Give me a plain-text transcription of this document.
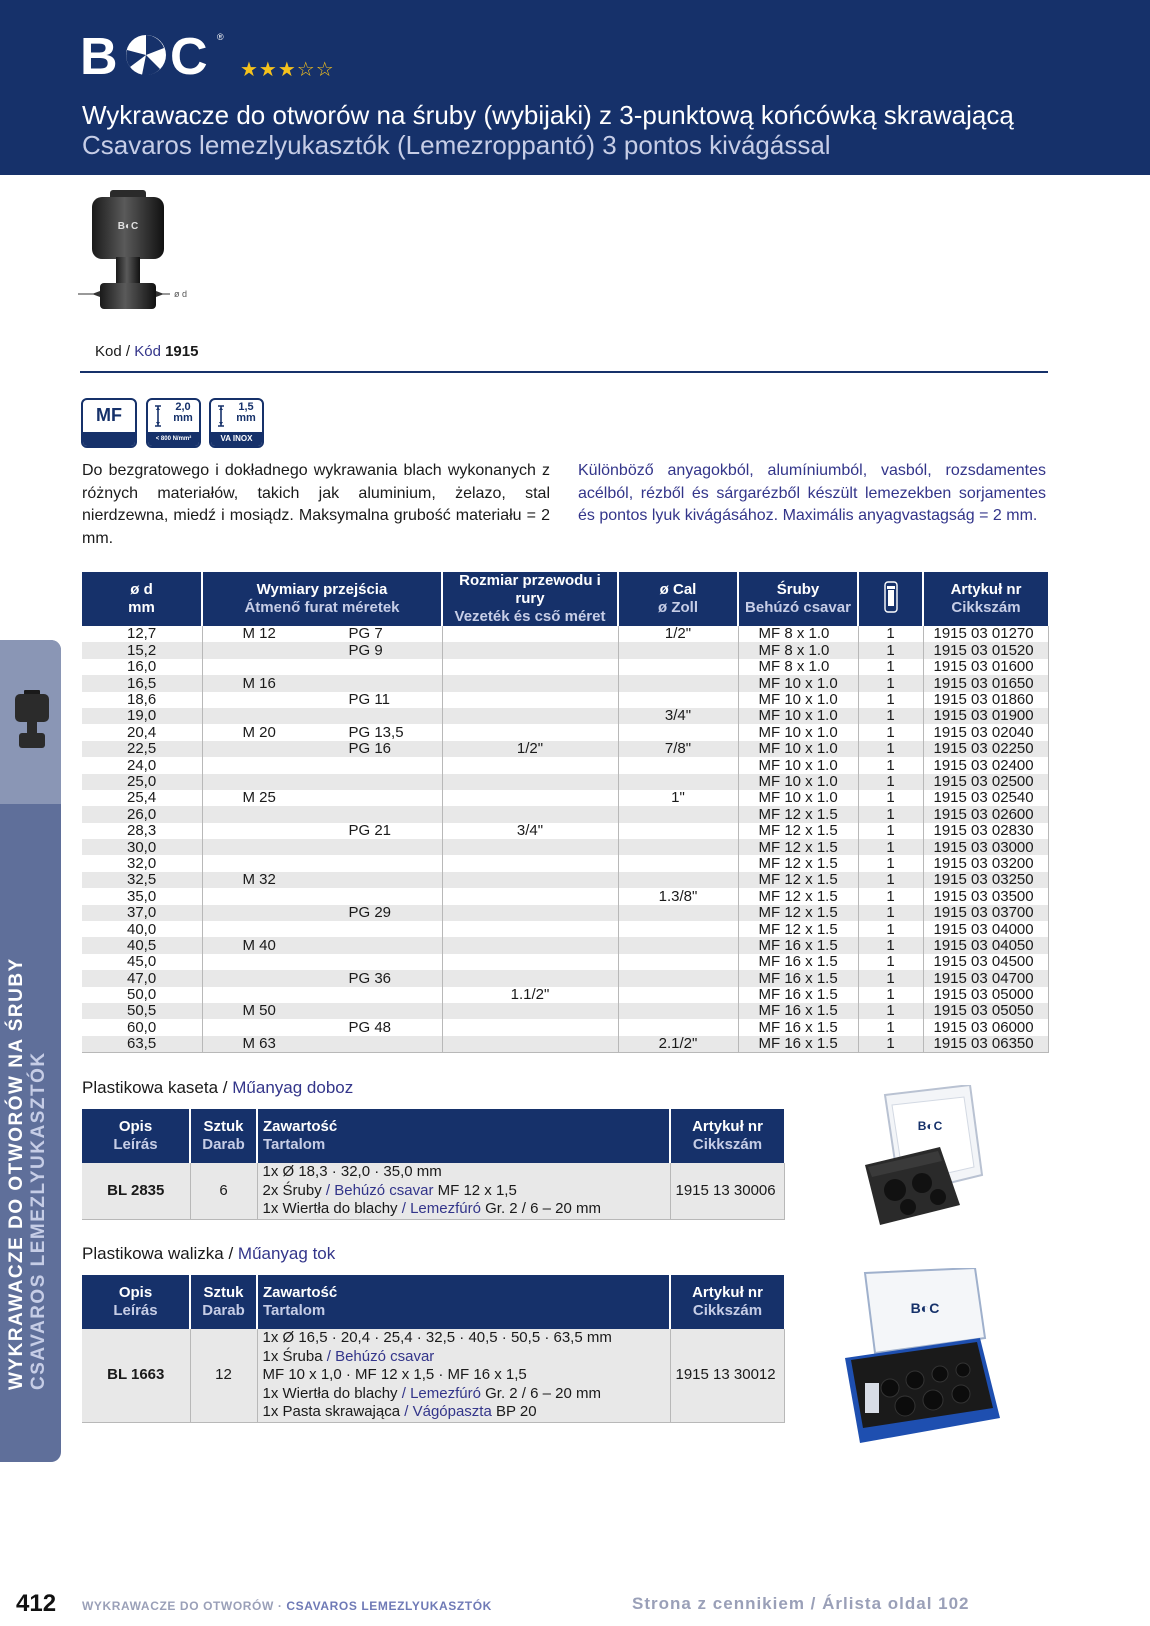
B C ®
★★★☆☆
Wykrawacze do otworów na śruby (wybijaki) z 3-punktową końcówką skrawającą
Csavaros lemezlyukasztók (Lemezroppantó) 3 pontos kivágással
B◐C
ø d
Kod / Kód 1915
MF	2,0
mm
< 800 N/mm²
1,5
mm
VA INOX
Do bezgratowego i dokładnego wykrawania blach wykonanych z różnych materiałów, takich jak aluminium, żelazo, stal nierdzewna, miedź i mosiądz. Maksymalna grubość materiału = 2 mm.
Különböző anyagokból, alumíniumból, vasból, rozsdamentes acélból, rézből és sárgarézből készült lemezekben sorjamentes és pontos lyuk kivágásához. Maximális anyagvastagság = 2 mm.
ø d
mm	Wymiary przejścia
Átmenő furat méretek	Rozmiar przewodu i rury
Vezeték és cső méret	ø Cal
ø Zoll	Śruby
Behúzó csavar		Artykuł nr
Cikkszám
12,7	M 12 PG 7		1/2"	MF 8 x 1.0	1	1915 03 01270
15,2	PG 9			MF 8 x 1.0	1	1915 03 01520
16,0				MF 8 x 1.0	1	1915 03 01600
16,5	M 16			MF 10 x 1.0	1	1915 03 01650
18,6	PG 11			MF 10 x 1.0	1	1915 03 01860
19,0			3/4"	MF 10 x 1.0	1	1915 03 01900
20,4	M 20 PG 13,5			MF 10 x 1.0	1	1915 03 02040
22,5	PG 16	1/2"	7/8"	MF 10 x 1.0	1	1915 03 02250
24,0				MF 10 x 1.0	1	1915 03 02400
25,0				MF 10 x 1.0	1	1915 03 02500
25,4	M 25		1"	MF 10 x 1.0	1	1915 03 02540
26,0				MF 12 x 1.5	1	1915 03 02600
28,3	PG 21	3/4"		MF 12 x 1.5	1	1915 03 02830
30,0				MF 12 x 1.5	1	1915 03 03000
32,0				MF 12 x 1.5	1	1915 03 03200
32,5	M 32			MF 12 x 1.5	1	1915 03 03250
35,0			1.3/8"	MF 12 x 1.5	1	1915 03 03500
37,0	PG 29			MF 12 x 1.5	1	1915 03 03700
40,0				MF 12 x 1.5	1	1915 03 04000
40,5	M 40			MF 16 x 1.5	1	1915 03 04050
45,0				MF 16 x 1.5	1	1915 03 04500
47,0	PG 36			MF 16 x 1.5	1	1915 03 04700
50,0		1.1/2"		MF 16 x 1.5	1	1915 03 05000
50,5	M 50			MF 16 x 1.5	1	1915 03 05050
60,0	PG 48			MF 16 x 1.5	1	1915 03 06000
63,5	M 63		2.1/2"	MF 16 x 1.5	1	1915 03 06350
Plastikowa kaseta / Műanyag doboz
Opis
Leírás	Sztuk
Darab	Zawartość
Tartalom	Artykuł nr
Cikkszám
BL 2835	6	1x Ø 18,3 · 32,0 · 35,0 mm
2x Śruby / Behúzó csavar MF 12 x 1,5
1x Wiertła do blachy / Lemezfúró Gr. 2 / 6 – 20 mm	1915 13 30006
Plastikowa walizka / Műanyag tok
Opis
Leírás	Sztuk
Darab	Zawartość
Tartalom	Artykuł nr
Cikkszám
BL 1663	12	1x Ø 16,5 · 20,4 · 25,4 · 32,5 · 40,5 · 50,5 · 63,5 mm
1x Śruba / Behúzó csavar
MF 10 x 1,0 · MF 12 x 1,5 · MF 16 x 1,5
1x Wiertła do blachy / Lemezfúró Gr. 2 / 6 – 20 mm
1x Pasta skrawająca / Vágópaszta BP 20	1915 13 30012
B◐C
B◐C
WYKRAWACZE DO OTWORÓW NA ŚRUBY CSAVAROS LEMEZLYUKASZTÓK
412 WYKRAWACZE DO OTWORÓW · CSAVAROS LEMEZLYUKASZTÓK	Strona z cennikiem / Árlista oldal 102
